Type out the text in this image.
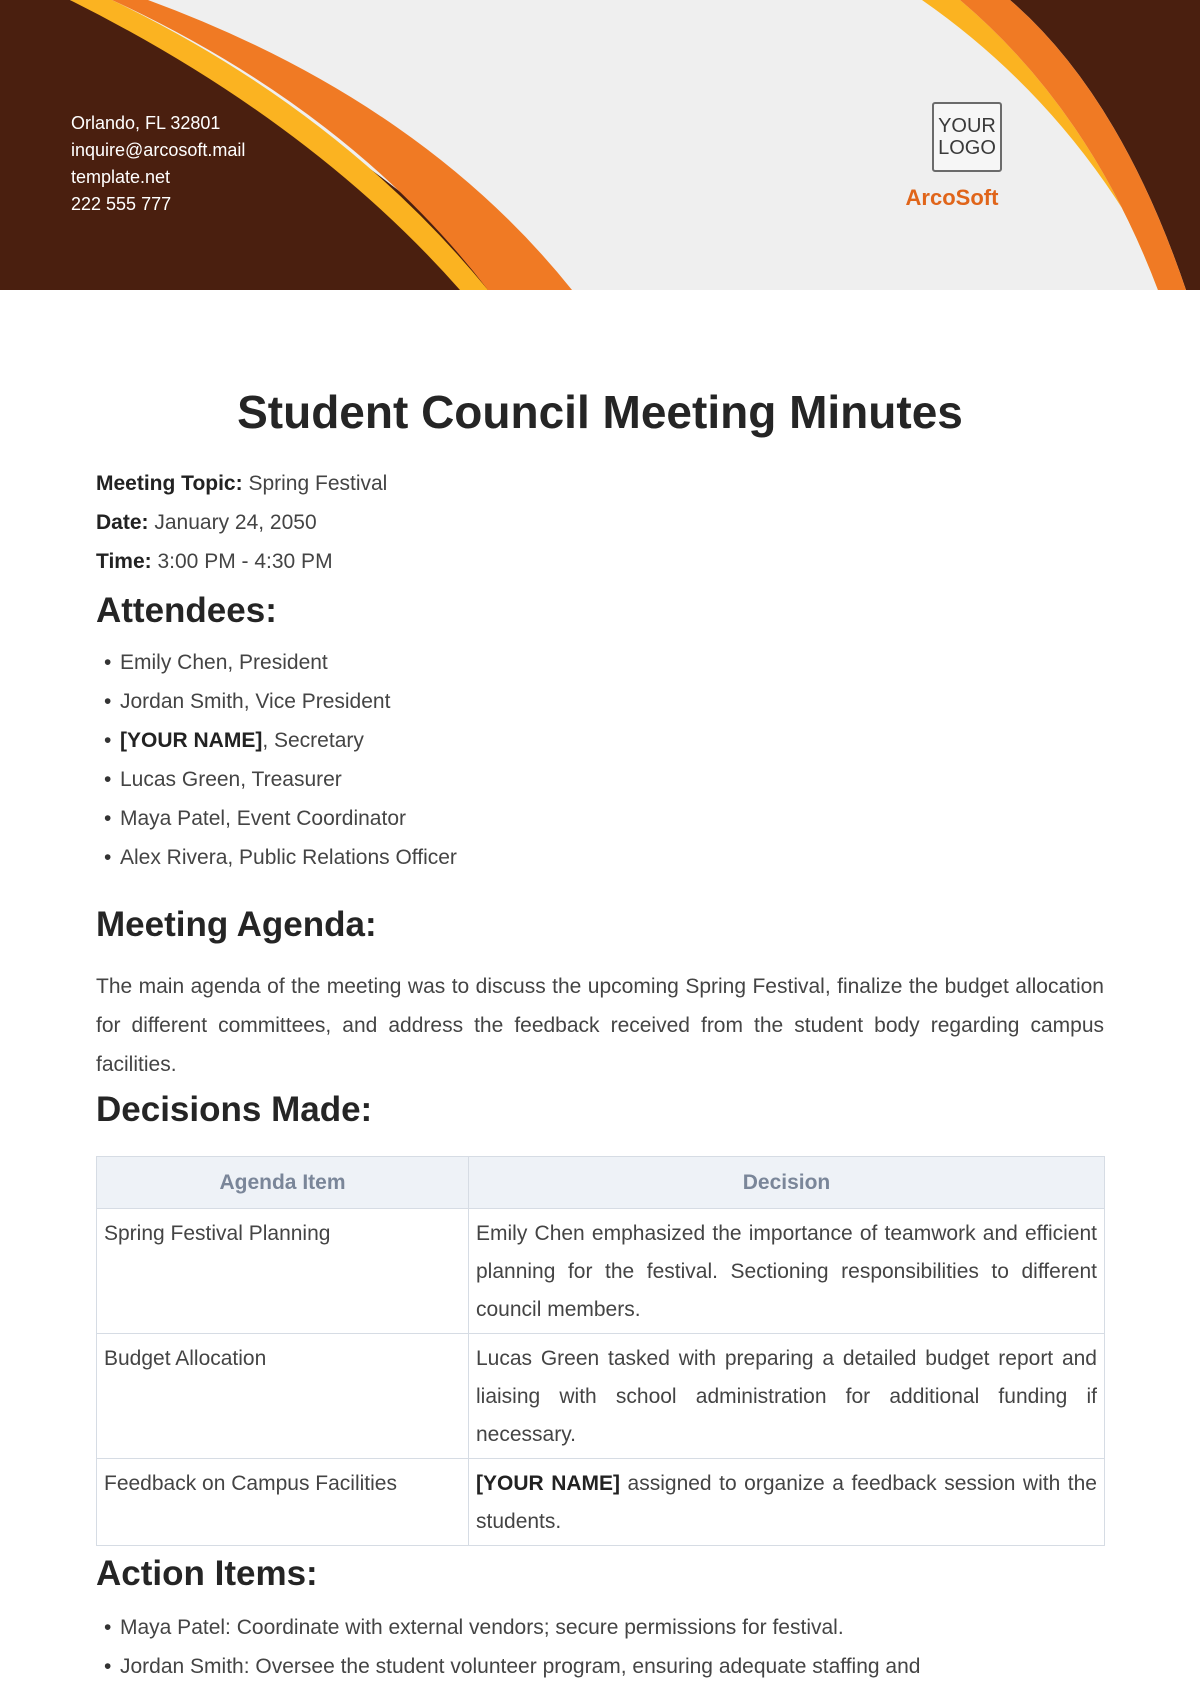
Orlando, FL 32801
inquire@arcosoft.mail
template.net
222 555 777
YOUR
LOGO
ArcoSoft
Student Council Meeting Minutes
Meeting Topic: Spring Festival
Date: January 24, 2050
Time: 3:00 PM - 4:30 PM
Attendees:
• Emily Chen, President
• Jordan Smith, Vice President
• [YOUR NAME], Secretary
• Lucas Green, Treasurer
• Maya Patel, Event Coordinator
• Alex Rivera, Public Relations Officer
Meeting Agenda:

The main agenda of the meeting was to discuss the upcoming Spring Festival, finalize the budget allocation for different committees, and address the feedback received from the student body regarding campus facilities.

Decisions Made:
Agenda Item	Decision
Spring Festival Planning	Emily Chen emphasized the importance of teamwork and efficient planning for the festival. Sectioning responsibilities to different council members.
Budget Allocation	Lucas Green tasked with preparing a detailed budget report and liaising with school administration for additional funding if necessary.
Feedback on Campus Facilities	[YOUR NAME] assigned to organize a feedback session with the students.
Action Items:
• Maya Patel: Coordinate with external vendors; secure permissions for festival.
• Jordan Smith: Oversee the student volunteer program, ensuring adequate staffing and
